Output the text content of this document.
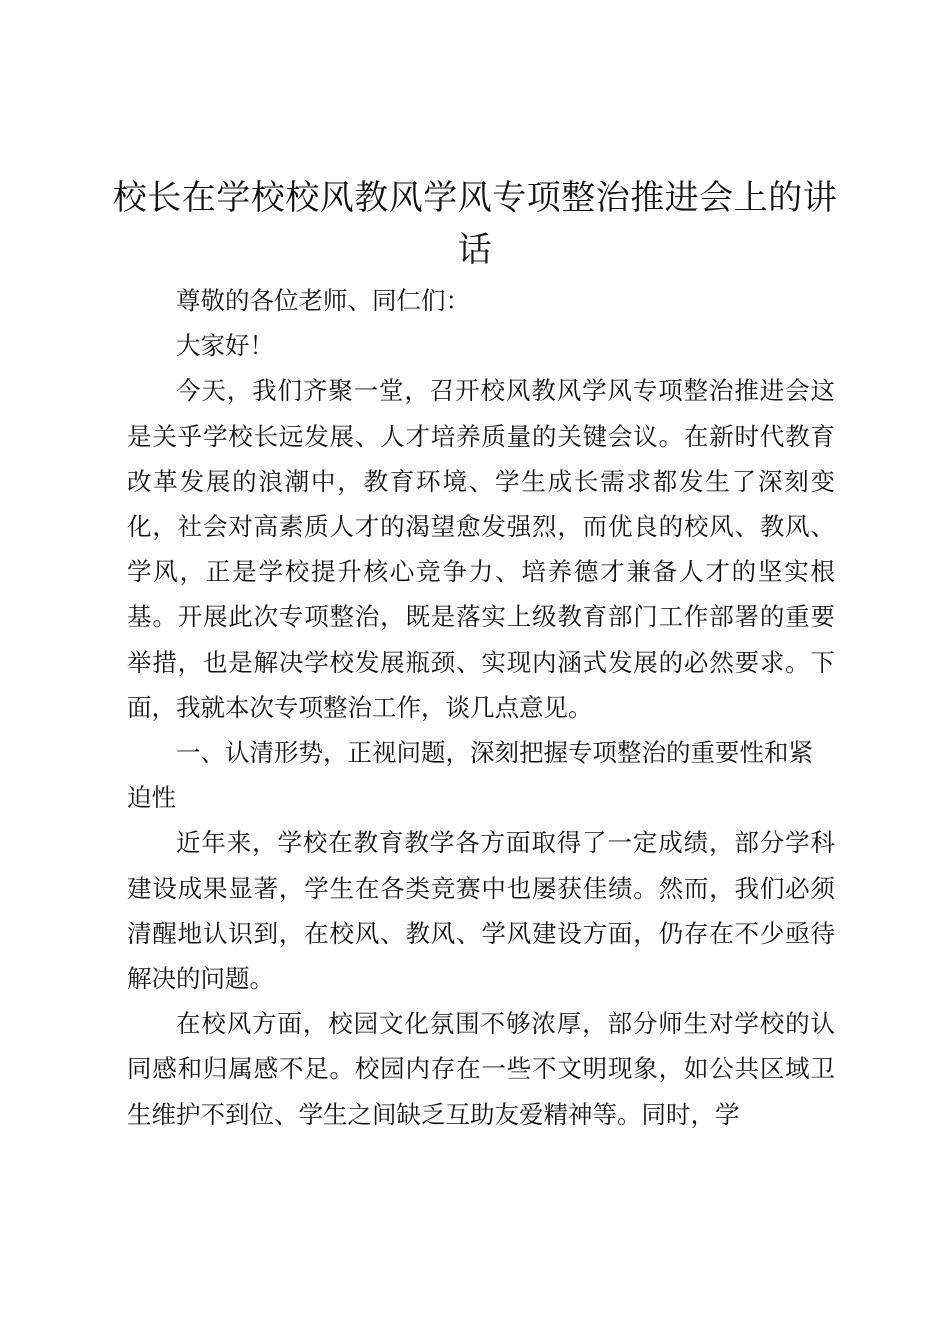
校长在学校校风教风学风专项整治推进会上的讲话

尊敬的各位老师、同仁们：

大家好！

今天，我们齐聚一堂，召开校风教风学风专项整治推进会这是关乎学校长远发展、人才培养质量的关键会议。在新时代教育改革发展的浪潮中，教育环境、学生成长需求都发生了深刻变化，社会对高素质人才的渴望愈发强烈，而优良的校风、教风、学风，正是学校提升核心竞争力、培养德才兼备人才的坚实根基。开展此次专项整治，既是落实上级教育部门工作部署的重要举措，也是解决学校发展瓶颈、实现内涵式发展的必然要求。下面，我就本次专项整治工作，谈几点意见。

一、认清形势，正视问题，深刻把握专项整治的重要性和紧迫性

近年来，学校在教育教学各方面取得了一定成绩，部分学科建设成果显著，学生在各类竞赛中也屡获佳绩。然而，我们必须清醒地认识到，在校风、教风、学风建设方面，仍存在不少亟待解决的问题。

在校风方面，校园文化氛围不够浓厚，部分师生对学校的认同感和归属感不足。校园内存在一些不文明现象，如公共区域卫生维护不到位、学生之间缺乏互助友爱精神等。同时，学
